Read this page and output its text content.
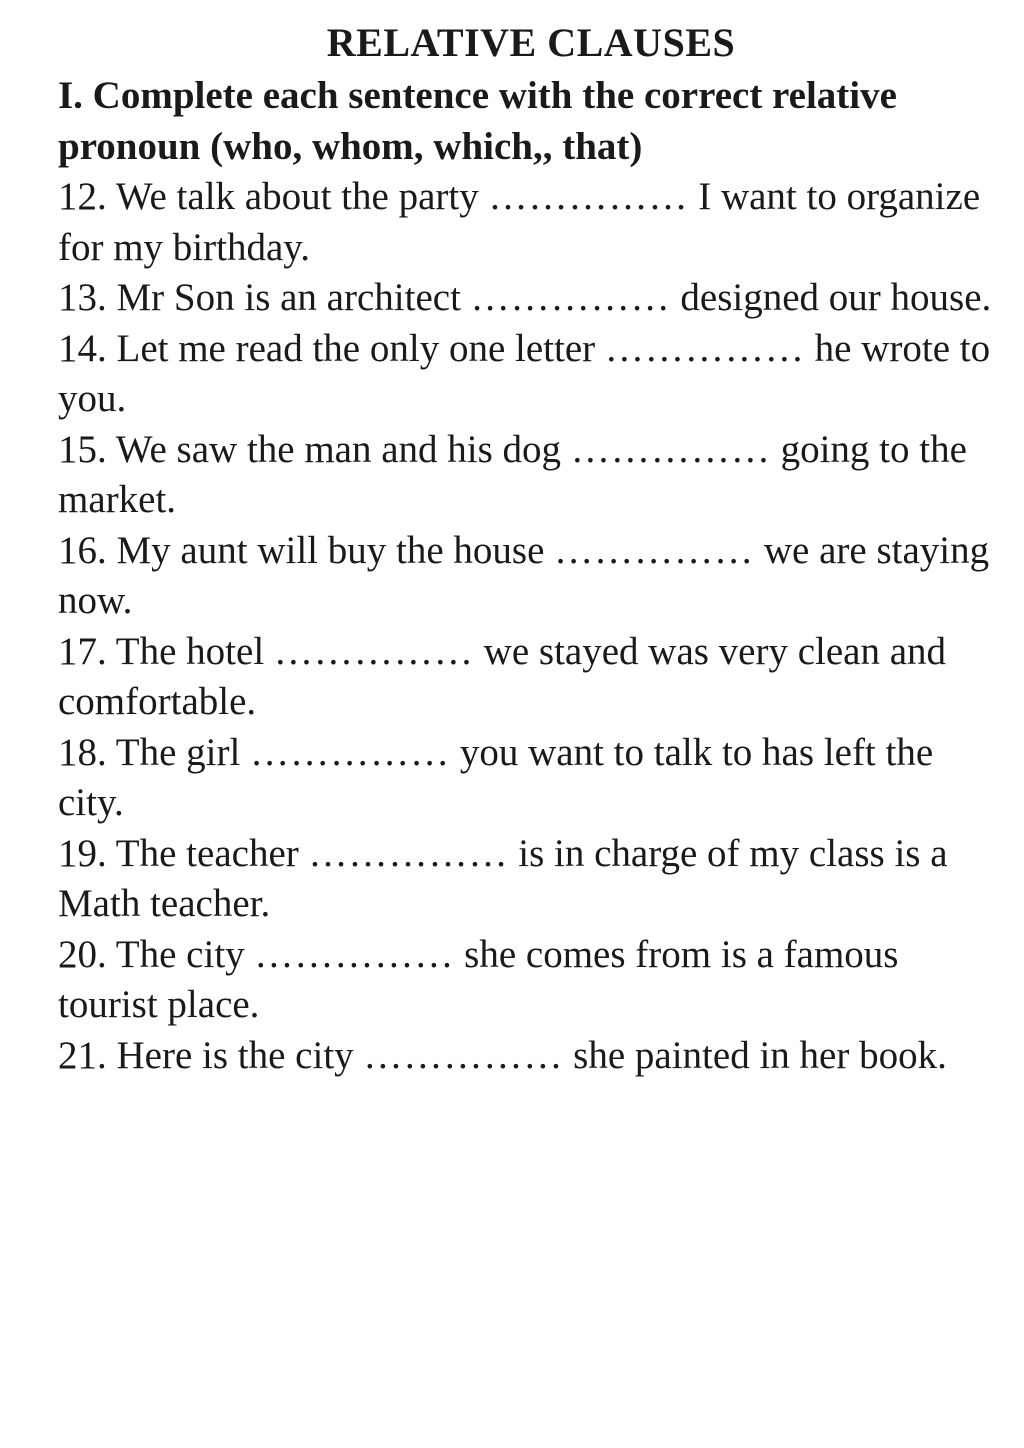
RELATIVE CLAUSES

I. Complete each sentence with the correct relative pronoun (who, whom, which,, that)

12. We talk about the party …………… I want to organize for my birthday.

13. Mr Son is an architect …………… designed our house.

14. Let me read the only one letter …………… he wrote to you.

15. We saw the man and his dog …………… going to the market.

16. My aunt will buy the house …………… we are staying now.

17. The hotel …………… we stayed was very clean and comfortable.

18. The girl …………… you want to talk to has left the city.

19. The teacher …………… is in charge of my class is a Math teacher.

20. The city …………… she comes from is a famous tourist place.

21. Here is the city …………… she painted in her book.
